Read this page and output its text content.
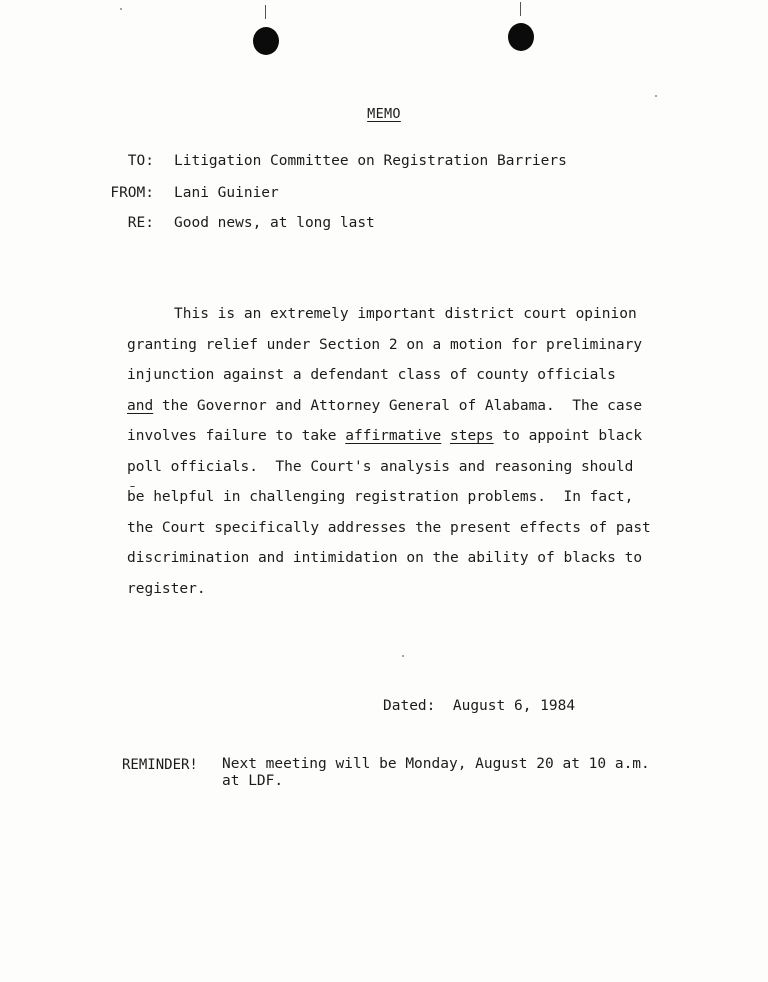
MEMO
TO: Litigation Committee on Registration Barriers
FROM: Lani Guinier
RE: Good news, at long last
This is an extremely important district court opinion
granting relief under Section 2 on a motion for preliminary
injunction against a defendant class of county officials
and the Governor and Attorney General of Alabama.  The case
involves failure to take affirmative steps to appoint black
poll officials.  The Court's analysis and reasoning should
be helpful in challenging registration problems.  In fact,
the Court specifically addresses the present effects of past
discrimination and intimidation on the ability of blacks to
register.
Dated: August 6, 1984
REMINDER! Next meeting will be Monday, August 20 at 10 a.m.
at LDF.
